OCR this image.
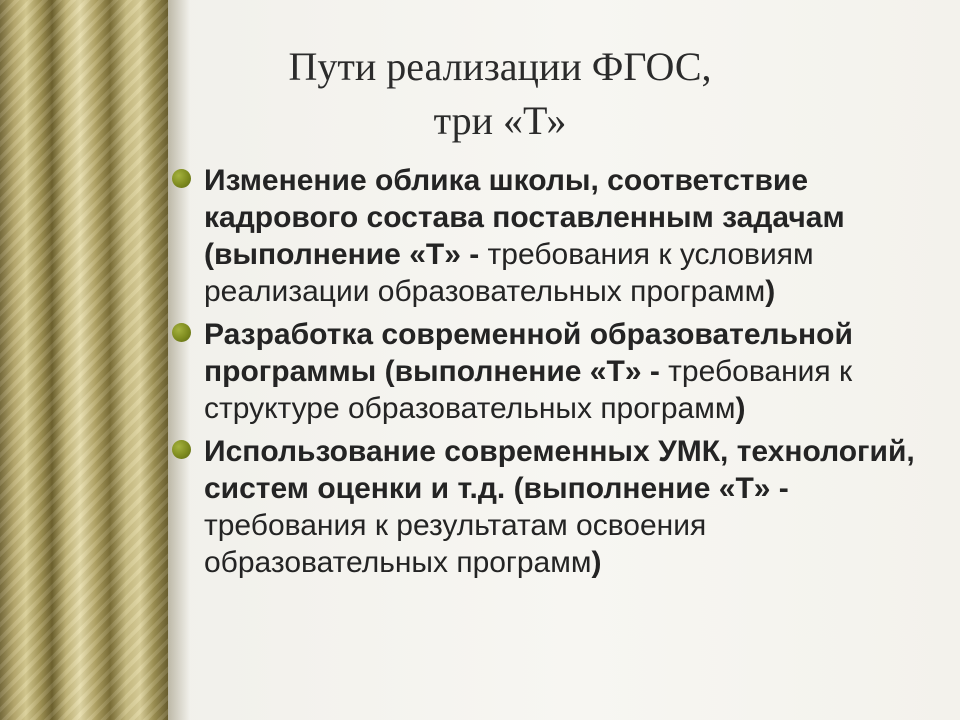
Пути реализации ФГОС,
три «Т»
Изменение облика школы, соответствие кадрового состава поставленным задачам (выполнение «Т» - требования к условиям реализации образовательных программ)
Разработка современной образовательной программы (выполнение «Т» - требования к структуре образовательных программ)
Использование современных УМК, технологий, систем оценки и т.д. (выполнение «Т» - требования к результатам освоения образовательных программ)
